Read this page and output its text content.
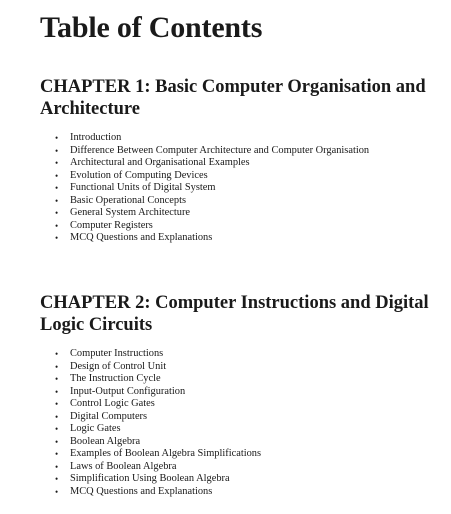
Table of Contents
CHAPTER 1: Basic Computer Organisation and Architecture
• Introduction
• Difference Between Computer Architecture and Computer Organisation
• Architectural and Organisational Examples
• Evolution of Computing Devices
• Functional Units of Digital System
• Basic Operational Concepts
• General System Architecture
• Computer Registers
• MCQ Questions and Explanations
CHAPTER 2: Computer Instructions and Digital Logic Circuits
• Computer Instructions
• Design of Control Unit
• The Instruction Cycle
• Input-Output Configuration
• Control Logic Gates
• Digital Computers
• Logic Gates
• Boolean Algebra
• Examples of Boolean Algebra Simplifications
• Laws of Boolean Algebra
• Simplification Using Boolean Algebra
• MCQ Questions and Explanations
